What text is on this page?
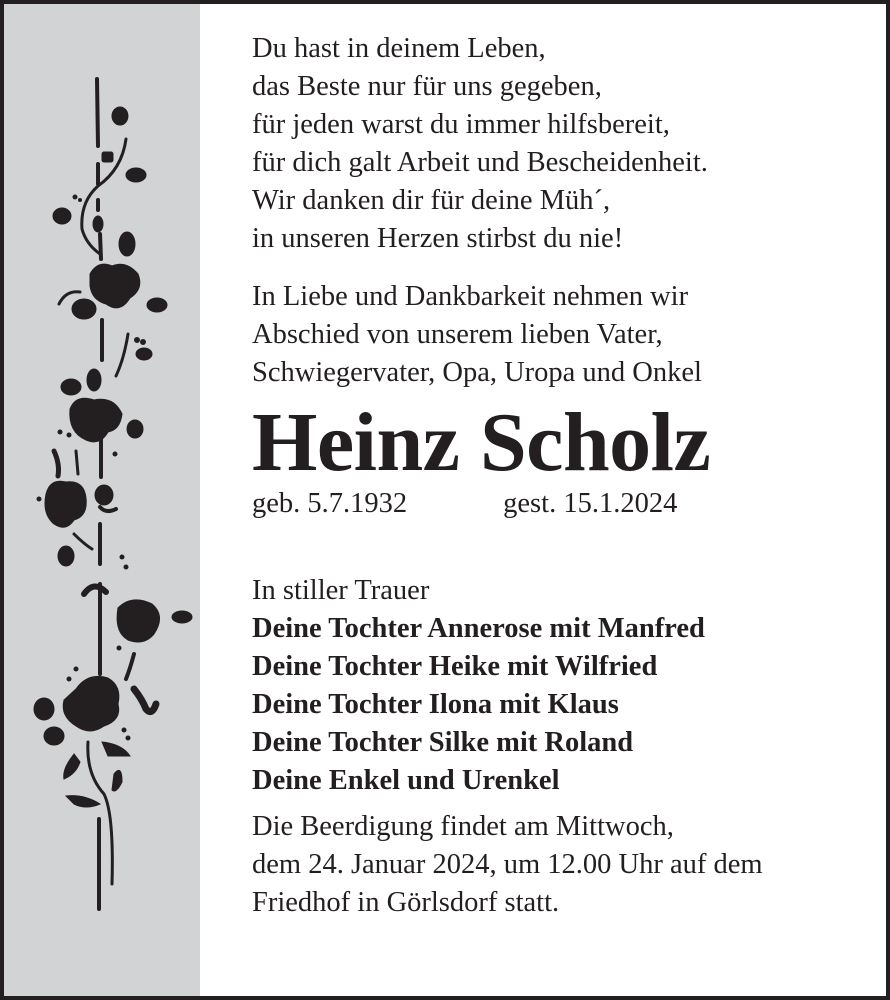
Du hast in deinem Leben,
das Beste nur für uns gegeben,
für jeden warst du immer hilfsbereit,
für dich galt Arbeit und Bescheidenheit.
Wir danken dir für deine Müh´,
in unseren Herzen stirbst du nie!
In Liebe und Dankbarkeit nehmen wir
Abschied von unserem lieben Vater,
Schwiegervater, Opa, Uropa und Onkel
Heinz Scholz
geb. 5.7.1932	gest. 15.1.2024
In stiller Trauer
Deine Tochter Annerose mit Manfred
Deine Tochter Heike mit Wilfried
Deine Tochter Ilona mit Klaus
Deine Tochter Silke mit Roland
Deine Enkel und Urenkel
Die Beerdigung findet am Mittwoch,
dem 24. Januar 2024, um 12.00 Uhr auf dem
Friedhof in Görlsdorf statt.
